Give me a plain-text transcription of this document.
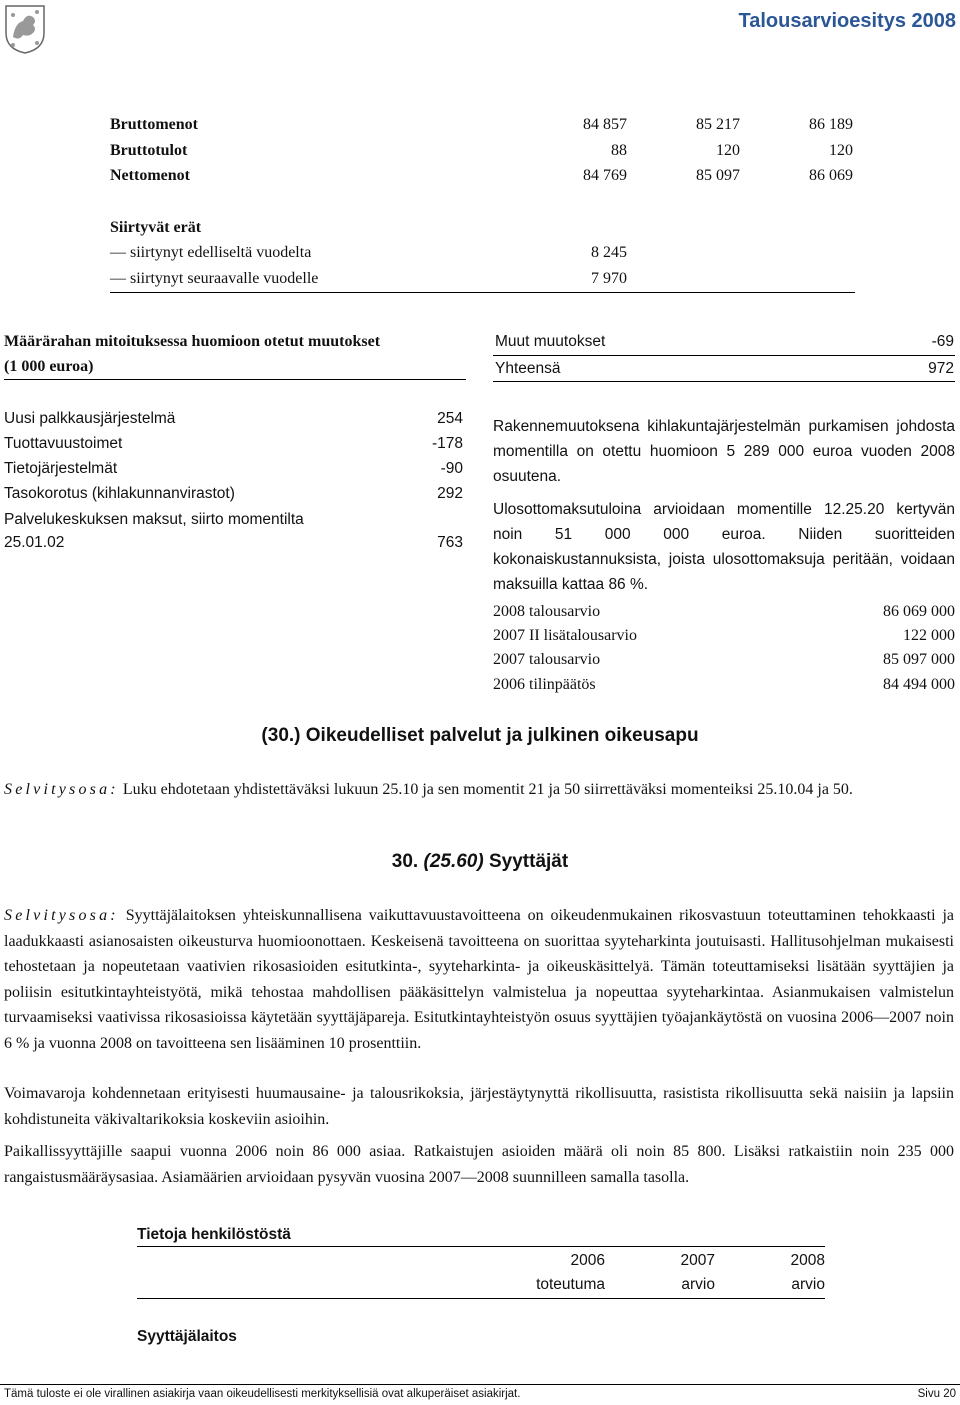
Talousarvioesitys 2008
Bruttomenot	84 857	85 217	86 189
Bruttotulot	88	120	120
Nettomenot	84 769	85 097	86 069
Siirtyvät erät
— siirtynyt edelliseltä vuodelta	8 245
— siirtynyt seuraavalle vuodelle	7 970
Määrärahan mitoituksessa huomioon otetut muutokset
(1 000 euroa)
Uusi palkkausjärjestelmä	254
Tuottavuustoimet	-178
Tietojärjestelmät	-90
Tasokorotus (kihlakunnanvirastot)	292
Palvelukeskuksen maksut, siirto momentilta
25.01.02	763
Muut muutokset	-69
Yhteensä	972
Rakennemuutoksena kihlakuntajärjestelmän purkamisen johdosta momentilla on otettu huomioon 5 289 000 euroa vuoden 2008 osuutena.
Ulosottomaksutuloina arvioidaan momentille 12.25.20 kertyvän noin 51 000 000 euroa. Niiden suoritteiden kokonaiskustannuksista, joista ulosottomaksuja peritään, voidaan maksuilla kattaa 86 %.
2008 talousarvio	86 069 000
2007 II lisätalousarvio	122 000
2007 talousarvio	85 097 000
2006 tilinpäätös	84 494 000
(30.) Oikeudelliset palvelut ja julkinen oikeusapu
Selvitysosa: Luku ehdotetaan yhdistettäväksi lukuun 25.10 ja sen momentit 21 ja 50 siirrettäväksi momenteiksi 25.10.04 ja 50.
30. (25.60) Syyttäjät
Selvitysosa: Syyttäjälaitoksen yhteiskunnallisena vaikuttavuustavoitteena on oikeudenmukainen rikosvastuun toteuttaminen tehokkaasti ja laadukkaasti asianosaisten oikeusturva huomioonottaen. Keskeisenä tavoitteena on suorittaa syyteharkinta joutuisasti. Hallitusohjelman mukaisesti tehostetaan ja nopeutetaan vaativien rikosasioiden esitutkinta-, syyteharkinta- ja oikeuskäsittelyä. Tämän toteuttamiseksi lisätään syyttäjien ja poliisin esitutkintayhteistyötä, mikä tehostaa mahdollisen pääkäsittelyn valmistelua ja nopeuttaa syyteharkintaa. Asianmukaisen valmistelun turvaamiseksi vaativissa rikosasioissa käytetään syyttäjäpareja. Esitutkintayhteistyön osuus syyttäjien työajankäytöstä on vuosina 2006—2007 noin 6 % ja vuonna 2008 on tavoitteena sen lisääminen 10 prosenttiin.
Voimavaroja kohdennetaan erityisesti huumausaine- ja talousrikoksia, järjestäytynyttä rikollisuutta, rasistista rikollisuutta sekä naisiin ja lapsiin kohdistuneita väkivaltarikoksia koskeviin asioihin.
Paikallissyyttäjille saapui vuonna 2006 noin 86 000 asiaa. Ratkaistujen asioiden määrä oli noin 85 800. Lisäksi ratkaistiin noin 235 000 rangaistusmääräysasiaa. Asiamäärien arvioidaan pysyvän vuosina 2007—2008 suunnilleen samalla tasolla.
Tietoja henkilöstöstä
2006	2007	2008
toteutuma	arvio	arvio
Syyttäjälaitos
Tämä tuloste ei ole virallinen asiakirja vaan oikeudellisesti merkityksellisiä ovat alkuperäiset asiakirjat.	Sivu 20
